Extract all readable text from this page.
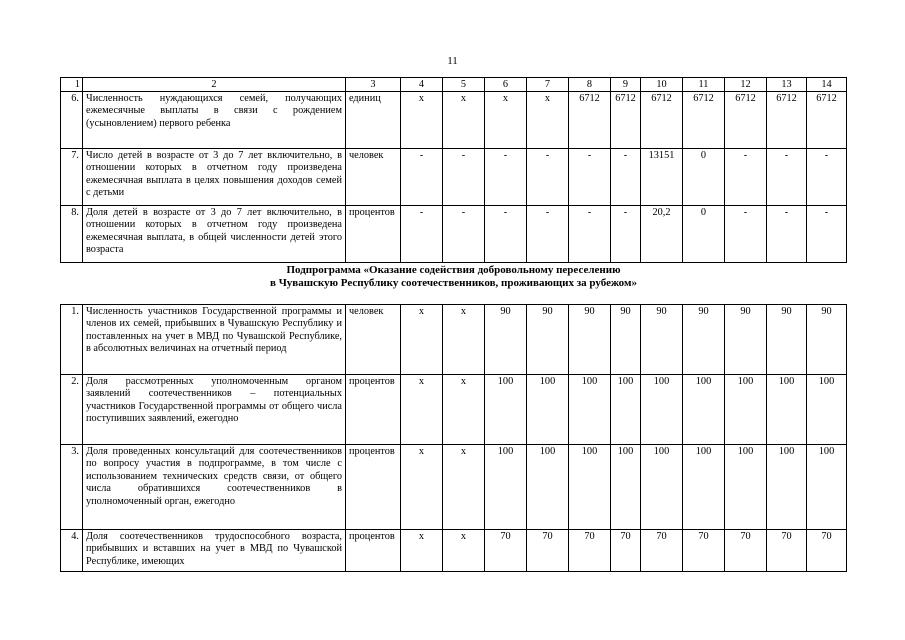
11
1	2	3	4	5	6	7	8	9	10	11	12	13	14
6.	Численность нуждающихся семей, получающих ежемесячные выплаты в связи с рождением (усыновлением) первого ребенка	единиц	x	x	x	x	6712	6712	6712	6712	6712	6712	6712
7.	Число детей в возрасте от 3 до 7 лет включительно, в отношении которых в отчетном году произведена ежемесячная выплата в целях повышения доходов семей с детьми	человек	-	-	-	-	-	-	13151	0	-	-	-
8.	Доля детей в возрасте от 3 до 7 лет включительно, в отношении которых в отчетном году произведена ежемесячная выплата, в общей численности детей этого возраста	процентов	-	-	-	-	-	-	20,2	0	-	-	-
Подпрограмма «Оказание содействия добровольному переселению
в Чувашскую Республику соотечественников, проживающих за рубежом»
1.	Численность участников Государственной программы и членов их семей, прибывших в Чувашскую Республику и поставленных на учет в МВД по Чувашской Республике, в абсолютных величинах на отчетный период	человек	x	x	90	90	90	90	90	90	90	90	90
2.	Доля рассмотренных уполномоченным органом заявлений соотечественников – потенциальных участников Государственной программы от общего числа поступивших заявлений, ежегодно	процентов	x	x	100	100	100	100	100	100	100	100	100
3.	Доля проведенных консультаций для соотечественников по вопросу участия в подпрограмме, в том числе с использованием технических средств связи, от общего числа обратившихся соотечественников в уполномоченный орган, ежегодно	процентов	x	x	100	100	100	100	100	100	100	100	100
4.	Доля соотечественников трудоспособного возраста, прибывших и вставших на учет в МВД по Чувашской Республике, имеющих	процентов	x	x	70	70	70	70	70	70	70	70	70
